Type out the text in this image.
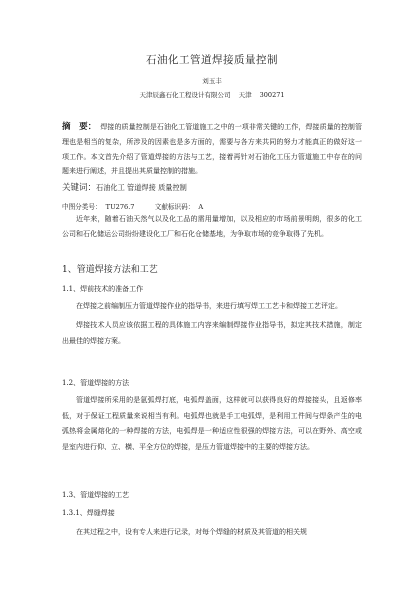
石油化工管道焊接质量控制
刘玉丰
天津辰鑫石化工程设计有限公司 天津 300271
摘　要： 焊接的质量控制是石油化工管道施工之中的一项非常关键的工作，焊接质量的控制管理也是相当的复杂，所涉及的因素也是多方面的，需要与各方来共同的努力才能真正的做好这一项工作。本文首先介绍了管道焊接的方法与工艺，接着再针对石油化工压力管道施工中存在的问题来进行阐述，并且提出其质量控制的措施。
关键词：石油化工 管道焊接 质量控制
中图分类号： TU276.7	文献标识码： A
近年来，随着石油天然气以及化工品的需用量增加，以及相应的市场前景明朗，很多的化工公司和石化储运公司纷纷建设化工厂和石化仓储基地，为争取市场的竞争取得了先机。
1、管道焊接方法和工艺
1.1、焊前技术的准备工作
在焊接之前编制压力管道焊接作业的指导书，来进行填写焊工工艺卡和焊接工艺评定。
焊接技术人员应该依据工程的具体施工内容来编制焊接作业指导书，拟定其技术措施，制定出最佳的焊接方案。
1.2、管道焊接的方法
管道焊接所采用的是氩弧焊打底，电弧焊盖面，这样就可以获得良好的焊接接头，且返修率低，对于保证工程质量来说相当有利。电弧焊也就是手工电弧焊，是利用工件间与焊条产生的电弧热将金属熔化的一种焊接的方法，电弧焊是一种适应性很强的焊接方法，可以在野外、高空或是室内进行仰、立、横、平全方位的焊接，是压力管道焊接中的主要的焊接方法。
1.3、管道焊接的工艺
1.3.1、焊缝焊接
在其过程之中，设有专人来进行记录，对每个焊缝的材质及其管道的相关规
